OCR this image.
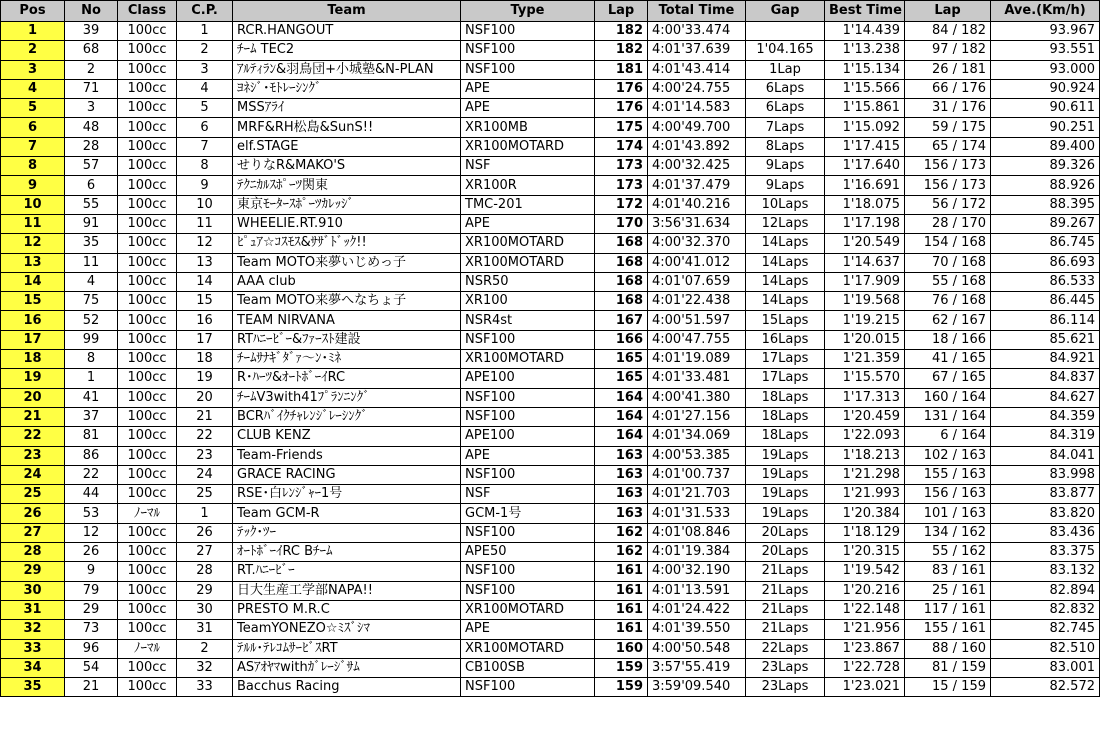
Pos	No	Class	C.P.	Team	Type	Lap	Total Time	Gap	Best Time	Lap	Ave.(Km/h)
1	39	100cc	1	RCR.HANGOUT	NSF100	182	4:00'33.474		1'14.439	84 / 182	93.967
2	68	100cc	2	ﾁｰﾑ TEC2	NSF100	182	4:01'37.639	1'04.165	1'13.238	97 / 182	93.551
3	2	100cc	3	ｱﾙﾃｨﾗﾝ&羽鳥団+小城塾&N-PLAN	NSF100	181	4:01'43.414	1Lap	1'15.134	26 / 181	93.000
4	71	100cc	4	ﾖﾈｼﾞ･ﾓﾄﾚｰｼﾝｸﾞ	APE	176	4:00'24.755	6Laps	1'15.566	66 / 176	90.924
5	3	100cc	5	MSSｱﾗｲ	APE	176	4:01'14.583	6Laps	1'15.861	31 / 176	90.611
6	48	100cc	6	MRF&RH松島&SunS!!	XR100MB	175	4:00'49.700	7Laps	1'15.092	59 / 175	90.251
7	28	100cc	7	elf.STAGE	XR100MOTARD	174	4:01'43.892	8Laps	1'17.415	65 / 174	89.400
8	57	100cc	8	せりなR&MAKO'S	NSF	173	4:00'32.425	9Laps	1'17.640	156 / 173	89.326
9	6	100cc	9	ﾃｸﾆｶﾙｽﾎﾟｰﾂ関東	XR100R	173	4:01'37.479	9Laps	1'16.691	156 / 173	88.926
10	55	100cc	10	東京ﾓｰﾀｰｽﾎﾟｰﾂｶﾚｯｼﾞ	TMC-201	172	4:01'40.216	10Laps	1'18.075	56 / 172	88.395
11	91	100cc	11	WHEELIE.RT.910	APE	170	3:56'31.634	12Laps	1'17.198	28 / 170	89.267
12	35	100cc	12	ﾋﾟｭｱ☆ｺｽﾓｽ&ｻｻﾞﾄﾞｯｸ!!	XR100MOTARD	168	4:00'32.370	14Laps	1'20.549	154 / 168	86.745
13	11	100cc	13	Team MOTO来夢いじめっ子	XR100MOTARD	168	4:00'41.012	14Laps	1'14.637	70 / 168	86.693
14	4	100cc	14	AAA club	NSR50	168	4:01'07.659	14Laps	1'17.909	55 / 168	86.533
15	75	100cc	15	Team MOTO来夢へなちょ子	XR100	168	4:01'22.438	14Laps	1'19.568	76 / 168	86.445
16	52	100cc	16	TEAM NIRVANA	NSR4st	167	4:00'51.597	15Laps	1'19.215	62 / 167	86.114
17	99	100cc	17	RTﾊﾆｰﾋﾞｰ&ﾌｧｰｽﾄ建設	NSF100	166	4:00'47.755	16Laps	1'20.015	18 / 166	85.621
18	8	100cc	18	ﾁｰﾑｻﾅｷﾞﾀﾞｧ〜ﾝ･ﾐﾈ	XR100MOTARD	165	4:01'19.089	17Laps	1'21.359	41 / 165	84.921
19	1	100cc	19	R･ﾊｰﾂ&ｵｰﾄﾎﾞｰｲRC	APE100	165	4:01'33.481	17Laps	1'15.570	67 / 165	84.837
20	41	100cc	20	ﾁｰﾑV3with41ﾌﾟﾗﾝﾆﾝｸﾞ	NSF100	164	4:00'41.380	18Laps	1'17.313	160 / 164	84.627
21	37	100cc	21	BCRﾊﾞｲｸﾁｬﾚﾝｼﾞﾚｰｼﾝｸﾞ	NSF100	164	4:01'27.156	18Laps	1'20.459	131 / 164	84.359
22	81	100cc	22	CLUB KENZ	APE100	164	4:01'34.069	18Laps	1'22.093	6 / 164	84.319
23	86	100cc	23	Team-Friends	APE	163	4:00'53.385	19Laps	1'18.213	102 / 163	84.041
24	22	100cc	24	GRACE RACING	NSF100	163	4:01'00.737	19Laps	1'21.298	155 / 163	83.998
25	44	100cc	25	RSE･白ﾚﾝｼﾞｬｰ1号	NSF	163	4:01'21.703	19Laps	1'21.993	156 / 163	83.877
26	53	ﾉｰﾏﾙ	1	Team GCM-R	GCM-1号	163	4:01'31.533	19Laps	1'20.384	101 / 163	83.820
27	12	100cc	26	ﾃｯｸ･ﾂｰ	NSF100	162	4:01'08.846	20Laps	1'18.129	134 / 162	83.436
28	26	100cc	27	ｵｰﾄﾎﾞｰｲRC Bﾁｰﾑ	APE50	162	4:01'19.384	20Laps	1'20.315	55 / 162	83.375
29	9	100cc	28	RT.ﾊﾆｰﾋﾞｰ	NSF100	161	4:00'32.190	21Laps	1'19.542	83 / 161	83.132
30	79	100cc	29	日大生産工学部NAPA!!	NSF100	161	4:01'13.591	21Laps	1'20.216	25 / 161	82.894
31	29	100cc	30	PRESTO M.R.C	XR100MOTARD	161	4:01'24.422	21Laps	1'22.148	117 / 161	82.832
32	73	100cc	31	TeamYONEZO☆ﾐｽﾞｼﾏ	APE	161	4:01'39.550	21Laps	1'21.956	155 / 161	82.745
33	96	ﾉｰﾏﾙ	2	ﾃﾙﾙ･ﾃﾚｺﾑｻｰﾋﾞｽRT	XR100MOTARD	160	4:00'50.548	22Laps	1'23.867	88 / 160	82.510
34	54	100cc	32	ASｱｵﾔﾏwithｶﾞﾚｰｼﾞｻﾑ	CB100SB	159	3:57'55.419	23Laps	1'22.728	81 / 159	83.001
35	21	100cc	33	Bacchus Racing	NSF100	159	3:59'09.540	23Laps	1'23.021	15 / 159	82.572
